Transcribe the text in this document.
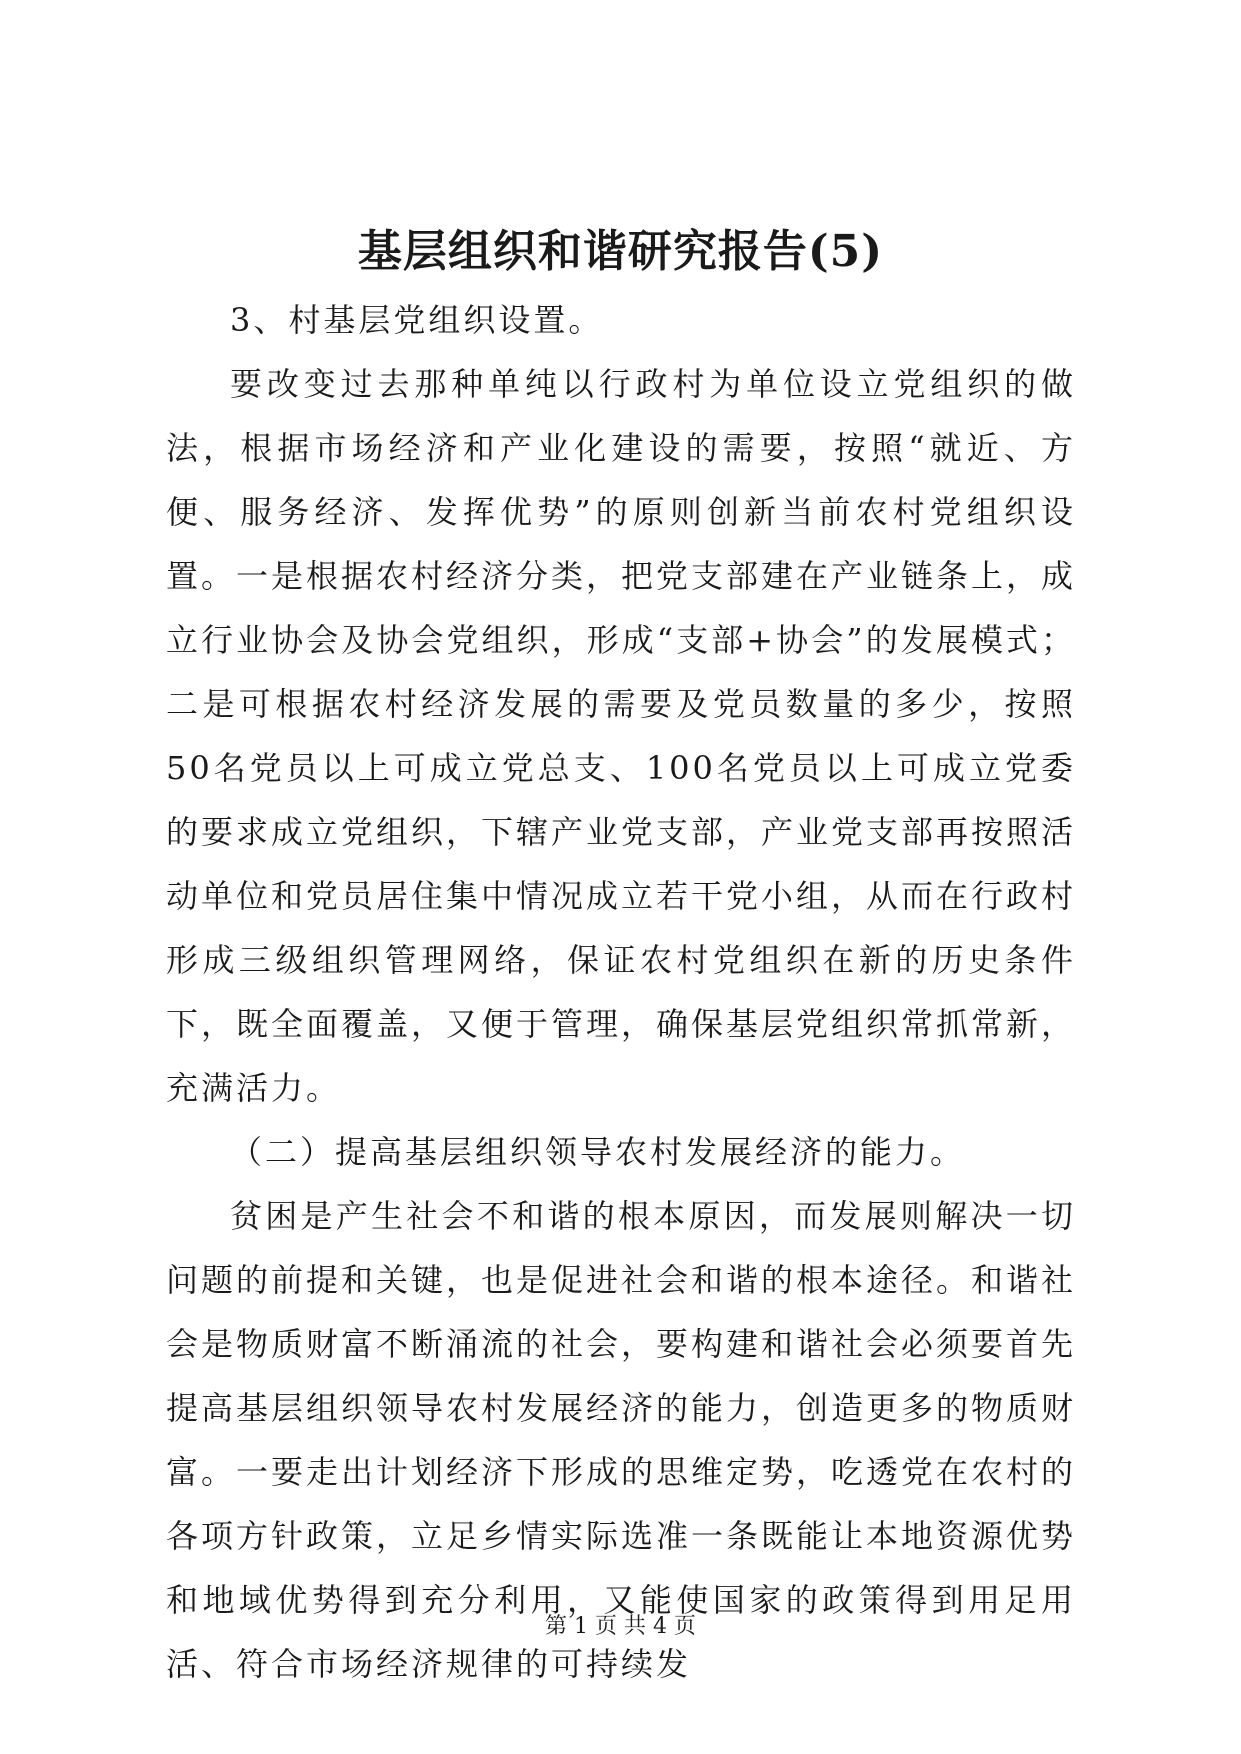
基层组织和谐研究报告(5)

3、村基层党组织设置。

要改变过去那种单纯以行政村为单位设立党组织的做法，根据市场经济和产业化建设的需要，按照“就近、方便、服务经济、发挥优势”的原则创新当前农村党组织设置。一是根据农村经济分类，把党支部建在产业链条上，成立行业协会及协会党组织，形成“支部+协会”的发展模式；二是可根据农村经济发展的需要及党员数量的多少，按照50名党员以上可成立党总支、100名党员以上可成立党委的要求成立党组织，下辖产业党支部，产业党支部再按照活动单位和党员居住集中情况成立若干党小组，从而在行政村形成三级组织管理网络，保证农村党组织在新的历史条件下，既全面覆盖，又便于管理，确保基层党组织常抓常新，充满活力。

（二）提高基层组织领导农村发展经济的能力。

贫困是产生社会不和谐的根本原因，而发展则解决一切问题的前提和关键，也是促进社会和谐的根本途径。和谐社会是物质财富不断涌流的社会，要构建和谐社会必须要首先提高基层组织领导农村发展经济的能力，创造更多的物质财富。一要走出计划经济下形成的思维定势，吃透党在农村的各项方针政策，立足乡情实际选准一条既能让本地资源优势和地域优势得到充分利用，又能使国家的政策得到用足用活、符合市场经济规律的可持续发

第 1 页 共 4 页
